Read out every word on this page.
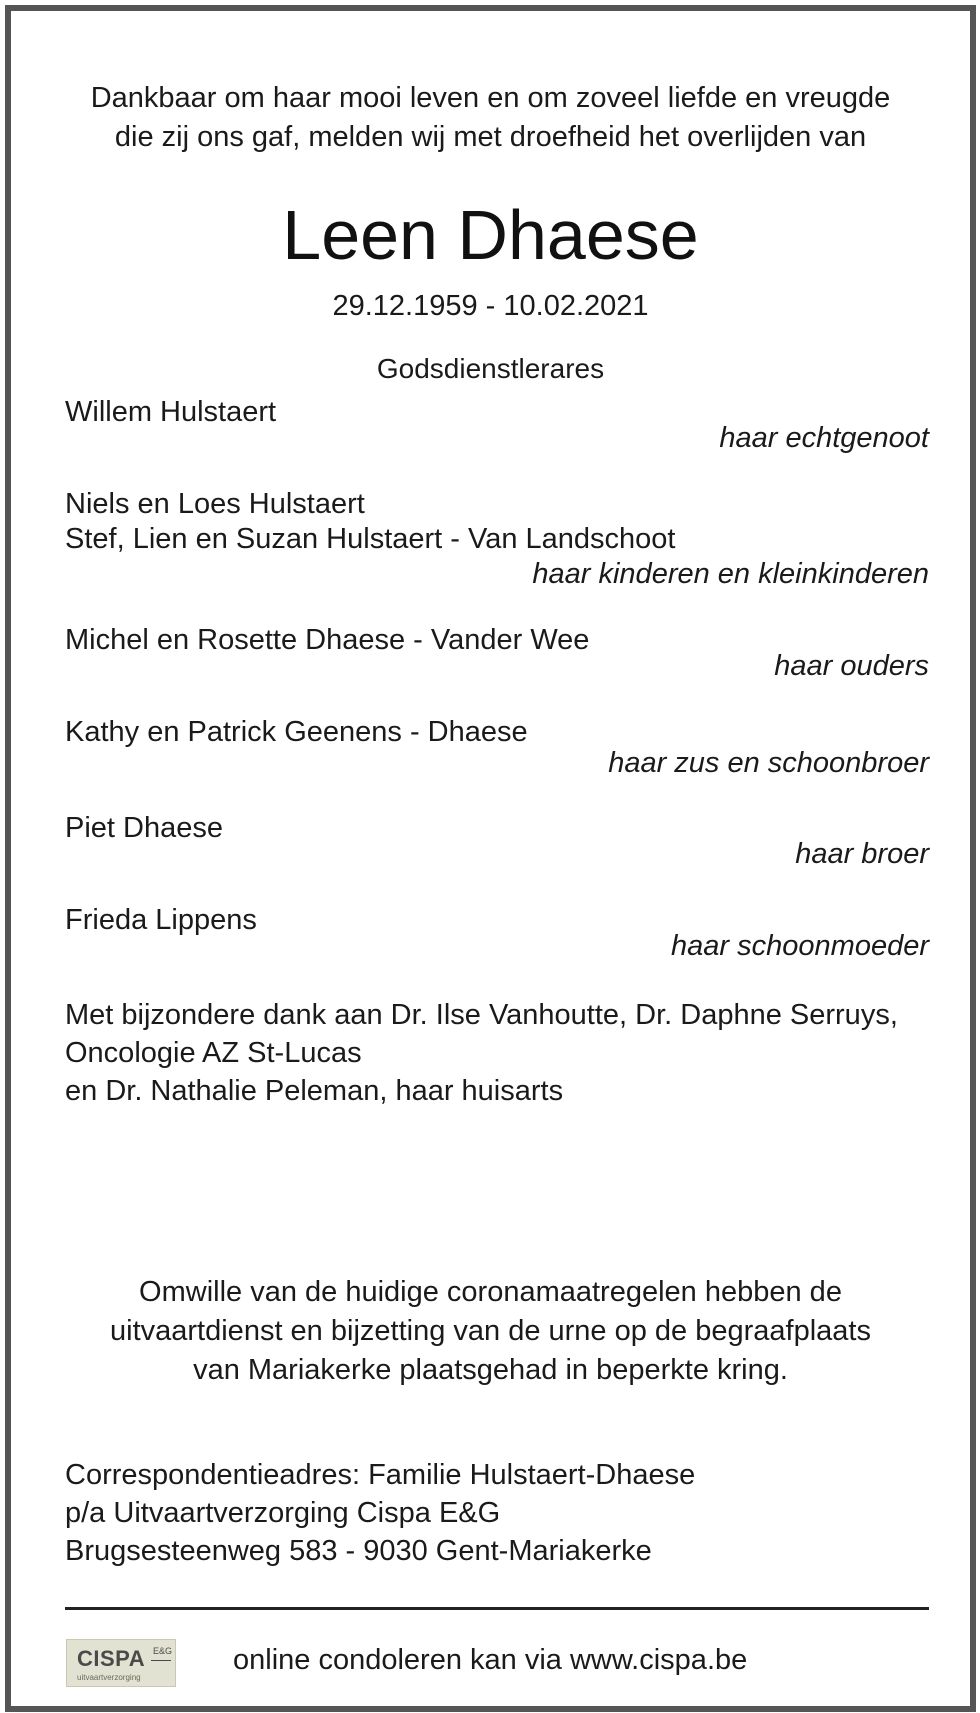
Dankbaar om haar mooi leven en om zoveel liefde en vreugde
die zij ons gaf, melden wij met droefheid het overlijden van

Leen Dhaese

29.12.1959 - 10.02.2021

Godsdienstlerares

Willem Hulstaert

haar echtgenoot

Niels en Loes Hulstaert

Stef, Lien en Suzan Hulstaert - Van Landschoot

haar kinderen en kleinkinderen

Michel en Rosette Dhaese - Vander Wee

haar ouders

Kathy en Patrick Geenens - Dhaese

haar zus en schoonbroer

Piet Dhaese

haar broer

Frieda Lippens

haar schoonmoeder

Met bijzondere dank aan Dr. Ilse Vanhoutte, Dr. Daphne Serruys,
Oncologie AZ St-Lucas
en Dr. Nathalie Peleman, haar huisarts

Omwille van de huidige coronamaatregelen hebben de
uitvaartdienst en bijzetting van de urne op de begraafplaats
van Mariakerke plaatsgehad in beperkte kring.

Correspondentieadres: Familie Hulstaert-Dhaese
p/a Uitvaartverzorging Cispa E&G
Brugsesteenweg 583 - 9030 Gent-Mariakerke

CISPA E&G
uitvaartverzorging

online condoleren kan via www.cispa.be
